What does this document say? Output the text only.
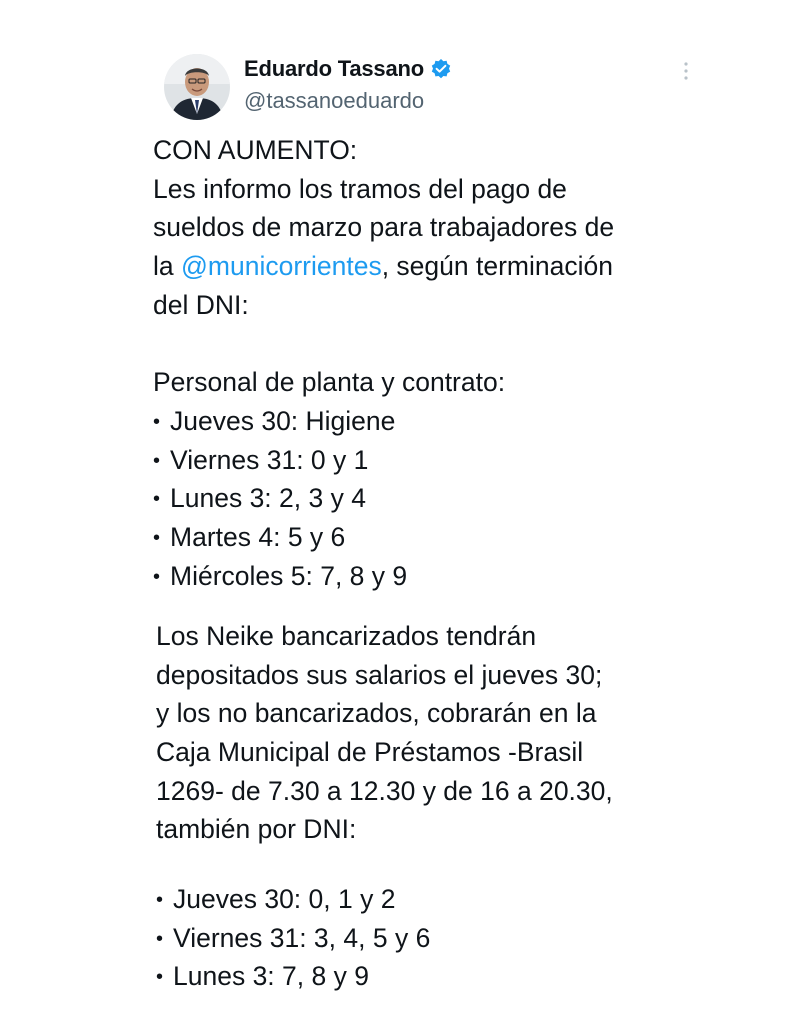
Eduardo Tassano
@tassanoeduardo
CON AUMENTO:
Les informo los tramos del pago de
sueldos de marzo para trabajadores de
la @municorrientes, según terminación
del DNI:
Personal de planta y contrato:
• Jueves 30: Higiene
• Viernes 31: 0 y 1
• Lunes 3: 2, 3 y 4
• Martes 4: 5 y 6
• Miércoles 5: 7, 8 y 9
Los Neike bancarizados tendrán
depositados sus salarios el jueves 30;
y los no bancarizados, cobrarán en la
Caja Municipal de Préstamos -Brasil
1269- de 7.30 a 12.30 y de 16 a 20.30,
también por DNI:
• Jueves 30: 0, 1 y 2
• Viernes 31: 3, 4, 5 y 6
• Lunes 3: 7, 8 y 9
